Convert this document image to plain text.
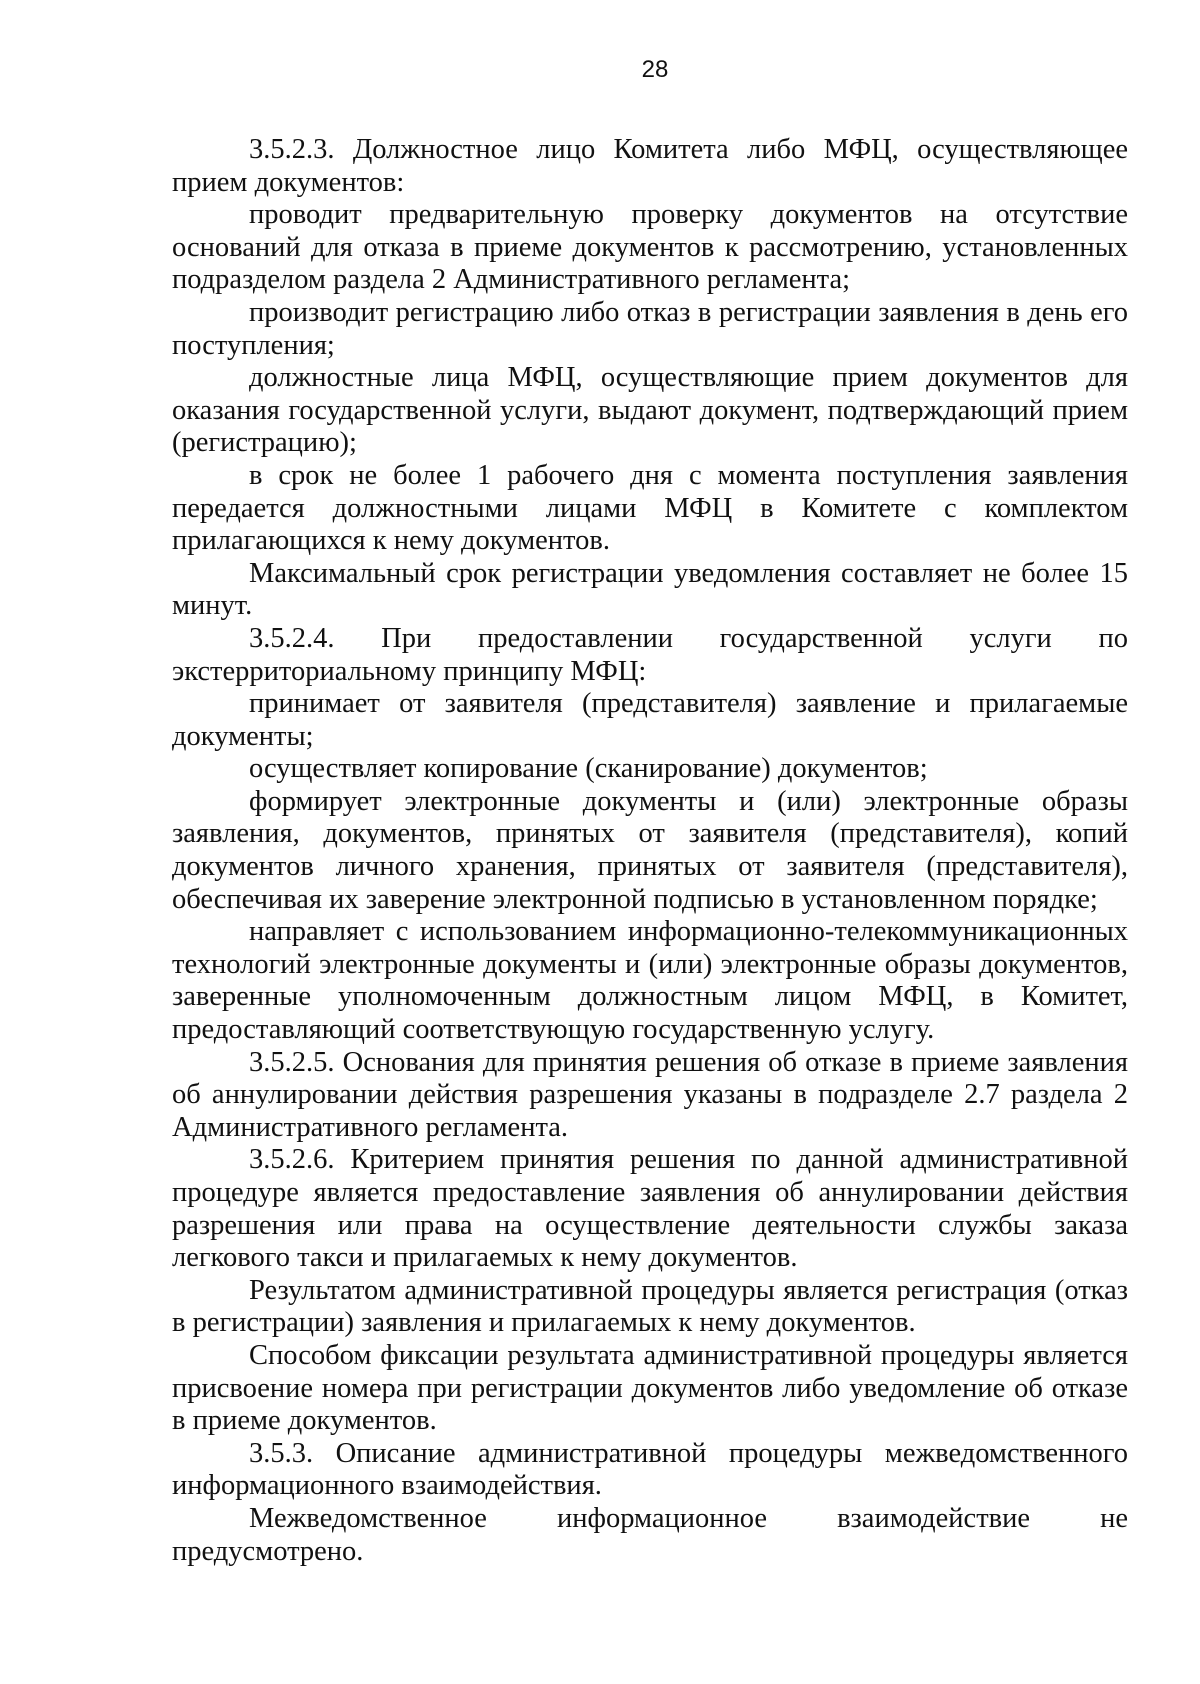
28

3.5.2.3. Должностное лицо Комитета либо МФЦ, осуществляющее прием документов:

проводит предварительную проверку документов на отсутствие оснований для отказа в приеме документов к рассмотрению, установленных подразделом раздела 2 Административного регламента;

производит регистрацию либо отказ в регистрации заявления в день его поступления;

должностные лица МФЦ, осуществляющие прием документов для оказания государственной услуги, выдают документ, подтверждающий прием (регистрацию);

в срок не более 1 рабочего дня с момента поступления заявления передается должностными лицами МФЦ в Комитете с комплектом прилагающихся к нему документов.

Максимальный срок регистрации уведомления составляет не более 15 минут.

3.5.2.4. При предоставлении государственной услуги по экстерриториальному принципу МФЦ:

принимает от заявителя (представителя) заявление и прилагаемые документы;

осуществляет копирование (сканирование) документов;

формирует электронные документы и (или) электронные образы заявления, документов, принятых от заявителя (представителя), копий документов личного хранения, принятых от заявителя (представителя), обеспечивая их заверение электронной подписью в установленном порядке;

направляет с использованием информационно-телекоммуникационных технологий электронные документы и (или) электронные образы документов, заверенные уполномоченным должностным лицом МФЦ, в Комитет, предоставляющий соответствующую государственную услугу.

3.5.2.5. Основания для принятия решения об отказе в приеме заявления об аннулировании действия разрешения указаны в подразделе 2.7 раздела 2 Административного регламента.

3.5.2.6. Критерием принятия решения по данной административной процедуре является предоставление заявления об аннулировании действия разрешения или права на осуществление деятельности службы заказа легкового такси и прилагаемых к нему документов.

Результатом административной процедуры является регистрация (отказ в регистрации) заявления и прилагаемых к нему документов.

Способом фиксации результата административной процедуры является присвоение номера при регистрации документов либо уведомление об отказе в приеме документов.

3.5.3. Описание административной процедуры межведомственного информационного взаимодействия.

Межведомственное информационное взаимодействие не предусмотрено.
